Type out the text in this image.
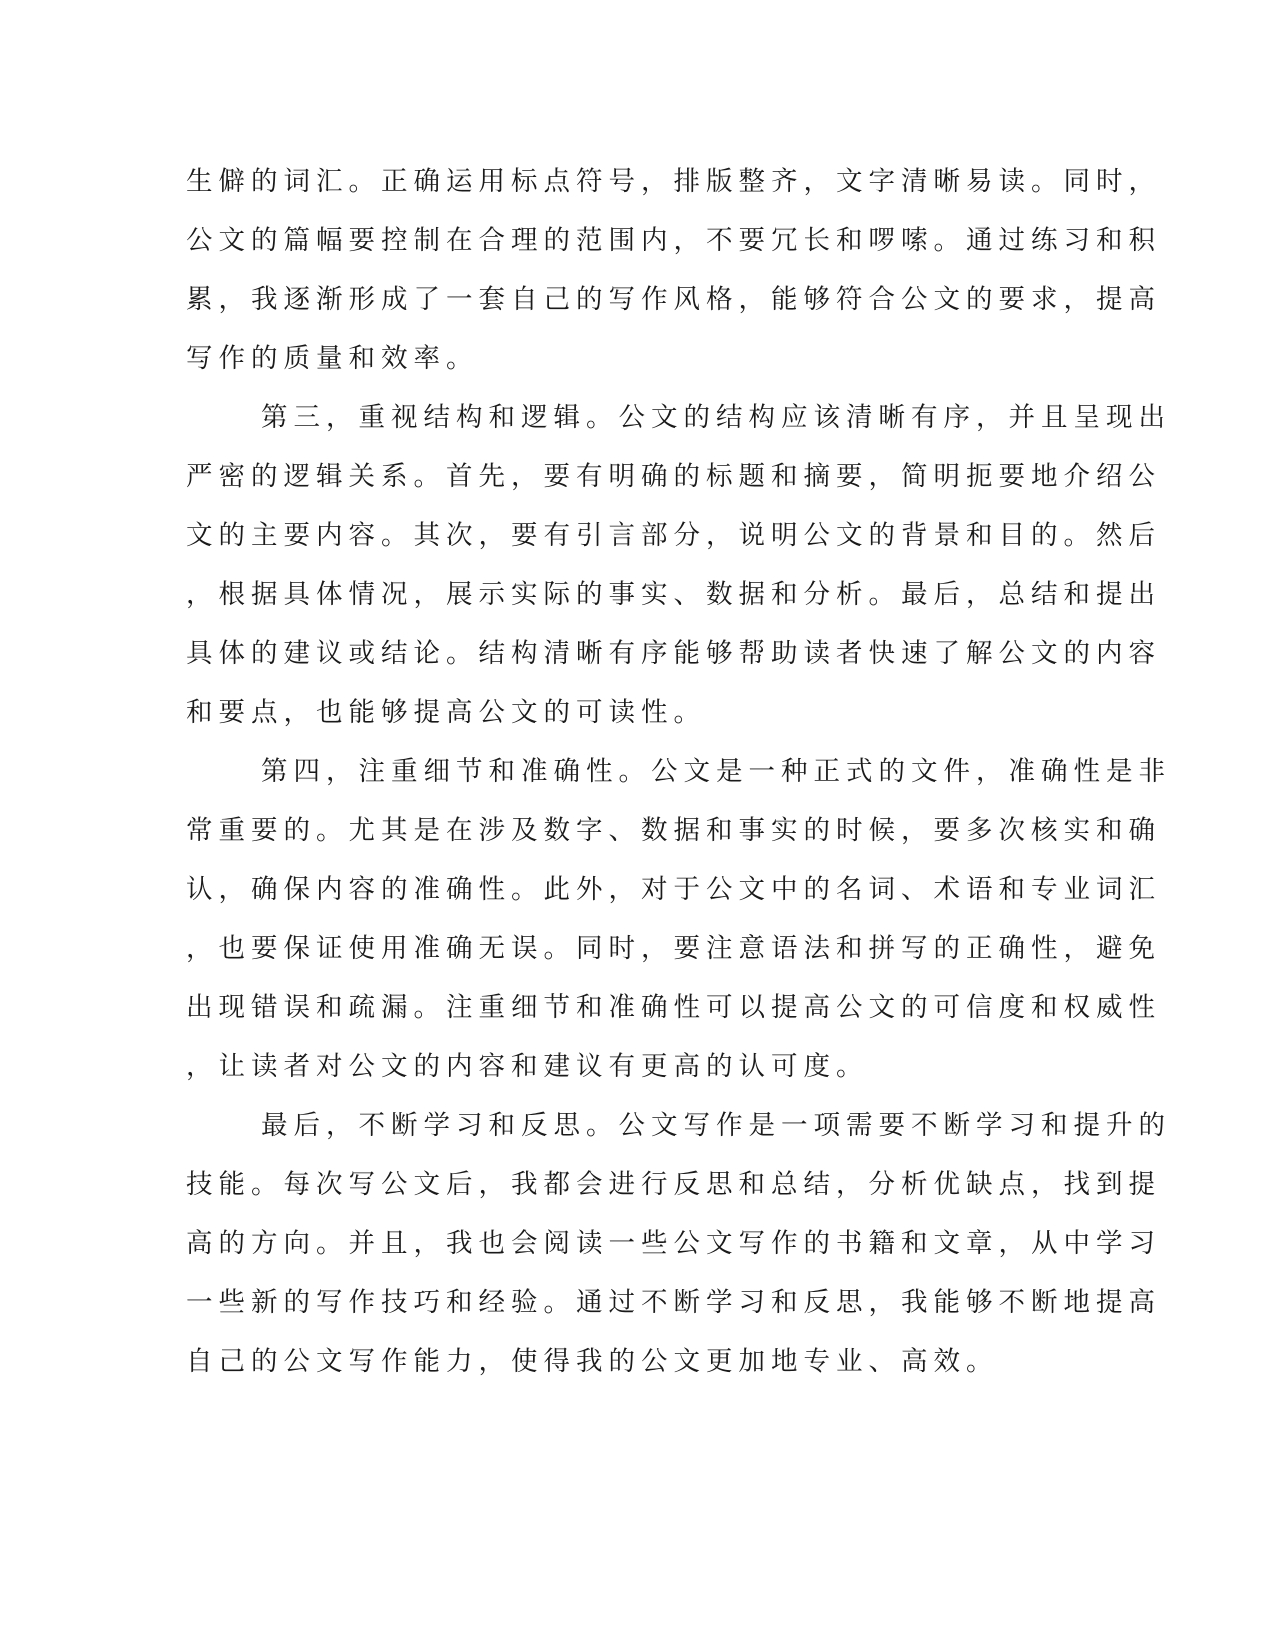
生僻的词汇。正确运用标点符号，排版整齐，文字清晰易读。同时，
公文的篇幅要控制在合理的范围内，不要冗长和啰嗦。通过练习和积
累，我逐渐形成了一套自己的写作风格，能够符合公文的要求，提高
写作的质量和效率。
第三，重视结构和逻辑。公文的结构应该清晰有序，并且呈现出
严密的逻辑关系。首先，要有明确的标题和摘要，简明扼要地介绍公
文的主要内容。其次，要有引言部分，说明公文的背景和目的。然后
，根据具体情况，展示实际的事实、数据和分析。最后，总结和提出
具体的建议或结论。结构清晰有序能够帮助读者快速了解公文的内容
和要点，也能够提高公文的可读性。
第四，注重细节和准确性。公文是一种正式的文件，准确性是非
常重要的。尤其是在涉及数字、数据和事实的时候，要多次核实和确
认，确保内容的准确性。此外，对于公文中的名词、术语和专业词汇
，也要保证使用准确无误。同时，要注意语法和拼写的正确性，避免
出现错误和疏漏。注重细节和准确性可以提高公文的可信度和权威性
，让读者对公文的内容和建议有更高的认可度。
最后，不断学习和反思。公文写作是一项需要不断学习和提升的
技能。每次写公文后，我都会进行反思和总结，分析优缺点，找到提
高的方向。并且，我也会阅读一些公文写作的书籍和文章，从中学习
一些新的写作技巧和经验。通过不断学习和反思，我能够不断地提高
自己的公文写作能力，使得我的公文更加地专业、高效。
